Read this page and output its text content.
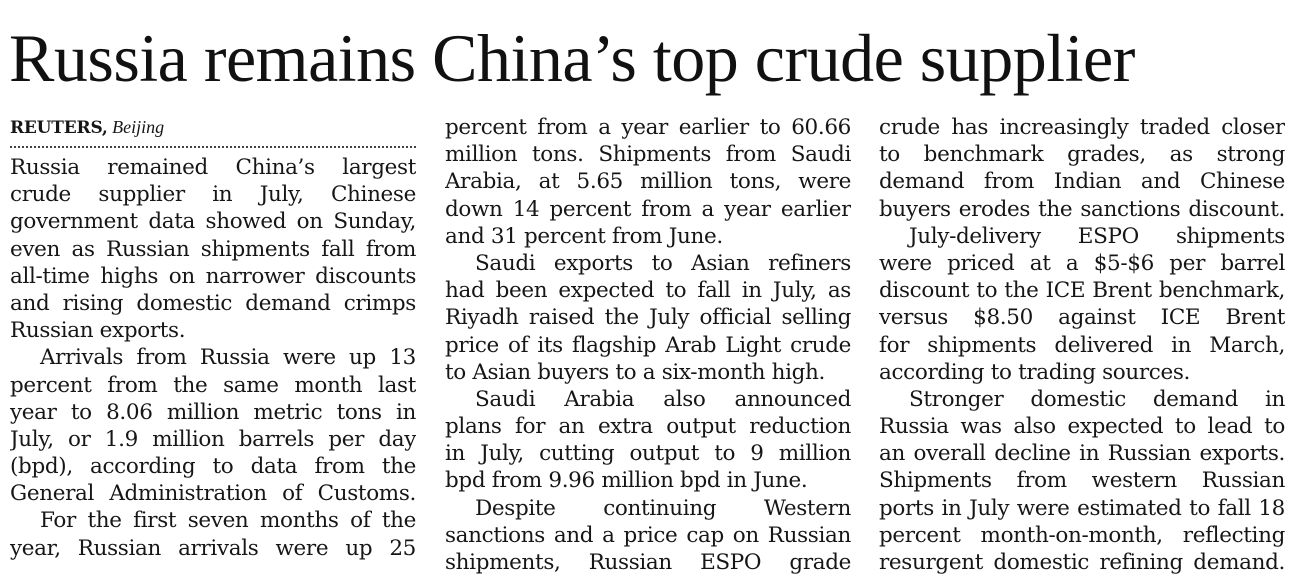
Russia remains China’s top crude supplier
REUTERS, Beijing
Russia remained China’s largest
crude supplier in July, Chinese
government data showed on Sunday,
even as Russian shipments fall from
all-time highs on narrower discounts
and rising domestic demand crimps
Russian exports.
Arrivals from Russia were up 13
percent from the same month last
year to 8.06 million metric tons in
July, or 1.9 million barrels per day
(bpd), according to data from the
General Administration of Customs.
For the first seven months of the
year, Russian arrivals were up 25
percent from a year earlier to 60.66
million tons. Shipments from Saudi
Arabia, at 5.65 million tons, were
down 14 percent from a year earlier
and 31 percent from June.
Saudi exports to Asian refiners
had been expected to fall in July, as
Riyadh raised the July official selling
price of its flagship Arab Light crude
to Asian buyers to a six-month high.
Saudi Arabia also announced
plans for an extra output reduction
in July, cutting output to 9 million
bpd from 9.96 million bpd in June.
Despite continuing Western
sanctions and a price cap on Russian
shipments, Russian ESPO grade
crude has increasingly traded closer
to benchmark grades, as strong
demand from Indian and Chinese
buyers erodes the sanctions discount.
July-delivery ESPO shipments
were priced at a $5-$6 per barrel
discount to the ICE Brent benchmark,
versus $8.50 against ICE Brent
for shipments delivered in March,
according to trading sources.
Stronger domestic demand in
Russia was also expected to lead to
an overall decline in Russian exports.
Shipments from western Russian
ports in July were estimated to fall 18
percent month-on-month, reflecting
resurgent domestic refining demand.
